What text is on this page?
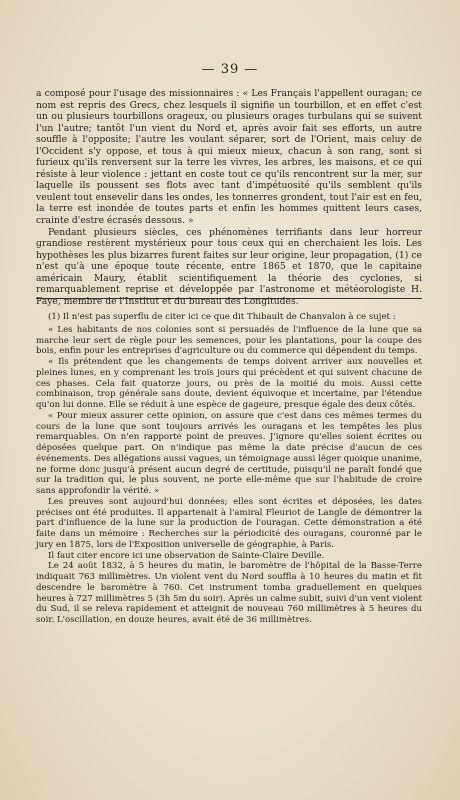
— 39 —

a composé pour l'usage des missionnaires : « Les Français l'appellent ouragan; ce nom est repris des Grecs, chez lesquels il signifie un tourbillon, et en effet c'est un ou plusieurs tourbillons orageux, ou plusieurs orages turbulans qui se suivent l'un l'autre; tantôt l'un vient du Nord et, après avoir fait ses efforts, un autre souffle à l'opposite; l'autre les voulant séparer, sort de l'Orient, mais celuy de l'Occident s'y oppose, et tous à qui mieux mieux, chacun à son rang, sont si furieux qu'ils renversent sur la terre les vivres, les arbres, les maisons, et ce qui résiste à leur violence : jettant en coste tout ce qu'ils rencontrent sur la mer, sur laquelle ils poussent ses flots avec tant d'impétuosité qu'ils semblent qu'ils veulent tout ensevelir dans les ondes, les tonnerres grondent, tout l'air est en feu, la terre est inondée de toutes parts et enfin les hommes quittent leurs cases, crainte d'estre écrasés dessous. »

Pendant plusieurs siècles, ces phénomènes terrifiants dans leur horreur grandiose restèrent mystérieux pour tous ceux qui en cherchaient les lois. Les hypothèses les plus bizarres furent faites sur leur origine, leur propagation, (1) ce n'est qu'à une époque toute récente, entre 1865 et 1870, que le capitaine américain Maury, établit scientifiquement la théorie des cyclones, si remarquablement reprise et développée par l'astronome et météorologiste H. Faye, membre de l'Institut et du bureau des Longitudes.

(1) Il n'est pas superflu de citer ici ce que dit Thibault de Chanvalon à ce sujet :

« Les habitants de nos colonies sont si persuadés de l'influence de la lune que sa marche leur sert de règle pour les semences, pour les plantations, pour la coupe des bois, enfin pour les entreprises d'agriculture ou du commerce qui dépendent du temps.

« Ils prétendent que les changements de temps doivent arriver aux nouvelles et pleines lunes, en y comprenant les trois jours qui précèdent et qui suivent chacune de ces phases. Cela fait quatorze jours, ou près de la moitié du mois. Aussi cette combinaison, trop générale sans doute, devient équivoque et incertaine, par l'étendue qu'on lui donne. Elle se réduit à une espèce de gageure, presque égale des deux côtés.

« Pour mieux assurer cette opinion, on assure que c'est dans ces mêmes termes du cours de la lune que sont toujours arrivés les ouragans et les tempêtes les plus remarquables. On n'en rapporte point de preuves. J'ignore qu'elles soient écrites ou déposées quelque part. On n'indique pas même la date précise d'aucun de ces événements. Des allégations aussi vagues, un témoignage aussi léger quoique unanime, ne forme donc jusqu'à présent aucun degré de certitude, puisqu'il ne paraît fondé que sur la tradition qui, le plus souvent, ne porte elle-même que sur l'habitude de croire sans approfondir la vérité. »

Les preuves sont aujourd'hui données; elles sont écrites et déposées, les dates précises ont été produites. Il appartenait à l'amiral Fleuriot de Langle de démontrer la part d'influence de la lune sur la production de l'ouragan. Cette démonstration a été faite dans un mémoire : Recherches sur la périodicité des ouragans, couronné par le jury en 1875, lors de l'Exposition universelle de géographie, à Paris.

Il faut citer encore ici une observation de Sainte-Claire Deville.

Le 24 août 1832, à 5 heures du matin, le baromètre de l'hôpital de la Basse-Terre indiquait 763 millimètres. Un violent vent du Nord souffla à 10 heures du matin et fit descendre le baromètre à 760. Cet instrument tomba graduellement en quelques heures à 727 millimètres 5 (3h 5m du soir). Après un calme subit, suivi d'un vent violent du Sud, il se releva rapidement et atteignit de nouveau 760 millimètres à 5 heures du soir. L'oscillation, en douze heures, avait été de 36 millimètres.
